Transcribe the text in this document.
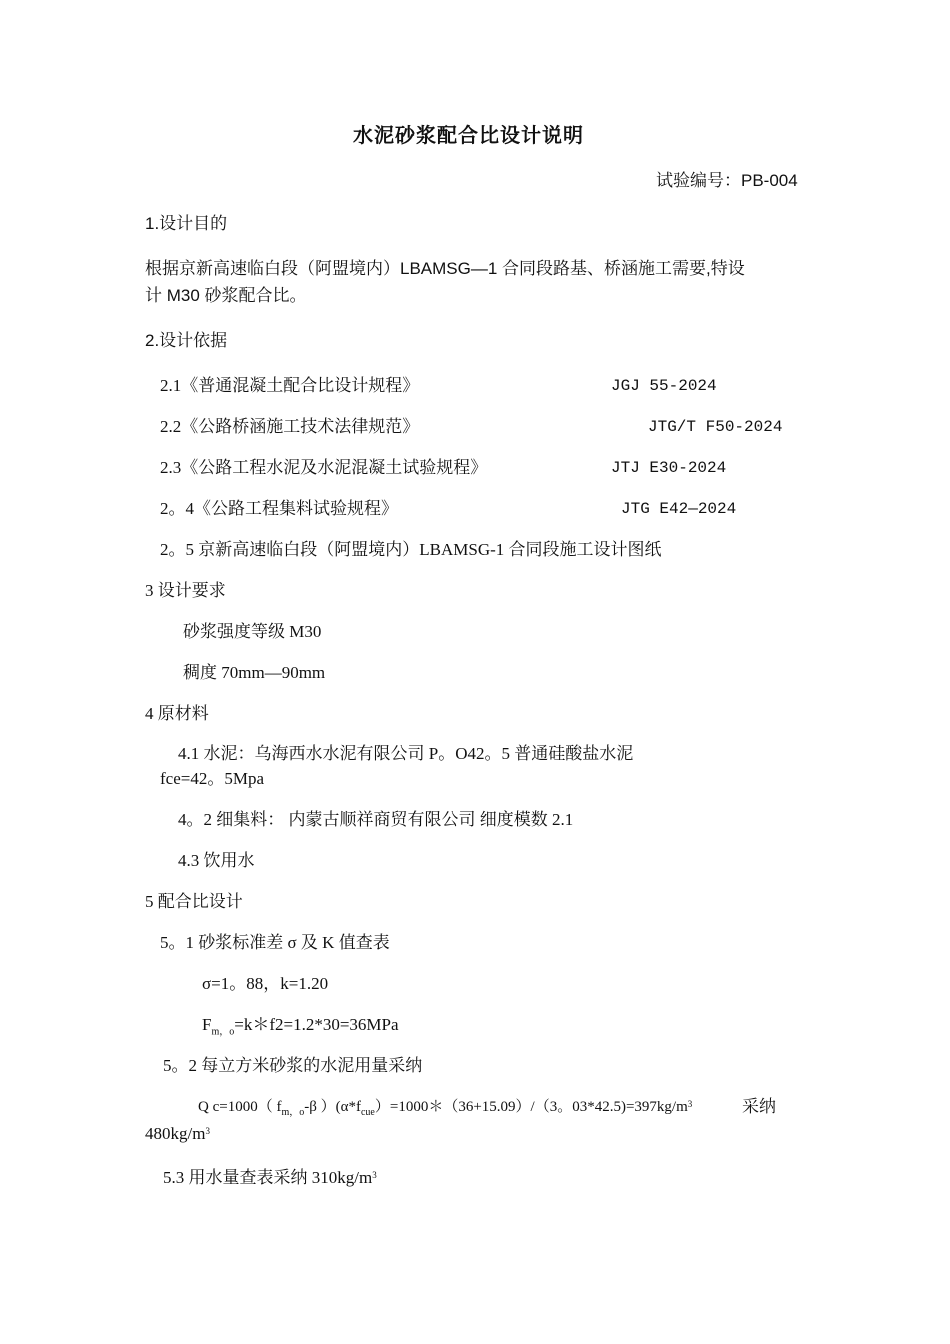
水泥砂浆配合比设计说明
试验编号：PB-004
1.设计目的
根据京新高速临白段（阿盟境内）LBAMSG—1 合同段路基、桥涵施工需要,特设
计 M30 砂浆配合比。
2.设计依据
2.1《普通混凝土配合比设计规程》	JGJ 55-2024
2.2《公路桥涵施工技术法律规范》	JTG/T F50-2024
2.3《公路工程水泥及水泥混凝土试验规程》	JTJ E30-2024
2。4《公路工程集料试验规程》	JTG E42—2024
2。5 京新高速临白段（阿盟境内）LBAMSG-1 合同段施工设计图纸
3 设计要求
砂浆强度等级 M30
稠度 70mm—90mm
4 原材料
4.1 水泥：乌海西水水泥有限公司 P。O42。5 普通硅酸盐水泥
fce=42。5Mpa
4。2 细集料： 内蒙古顺祥商贸有限公司 细度模数 2.1
4.3 饮用水
5 配合比设计
5。1 砂浆标准差 σ 及 K 值查表
σ=1。88，k=1.20
$F_{m,o}=k*f2=1.2*30=36MPa$
5。2 每立方米砂浆的水泥用量采纳
Q c=1000（ $f_{m,o}-\beta$ ）$(\alpha*f_{cue})=1000*(36+15.09)/(3$。$03*42.5)=397kg/m^3$	采纳
$480kg/m^3$
5.3 用水量查表采纳 $310kg/m^3$
